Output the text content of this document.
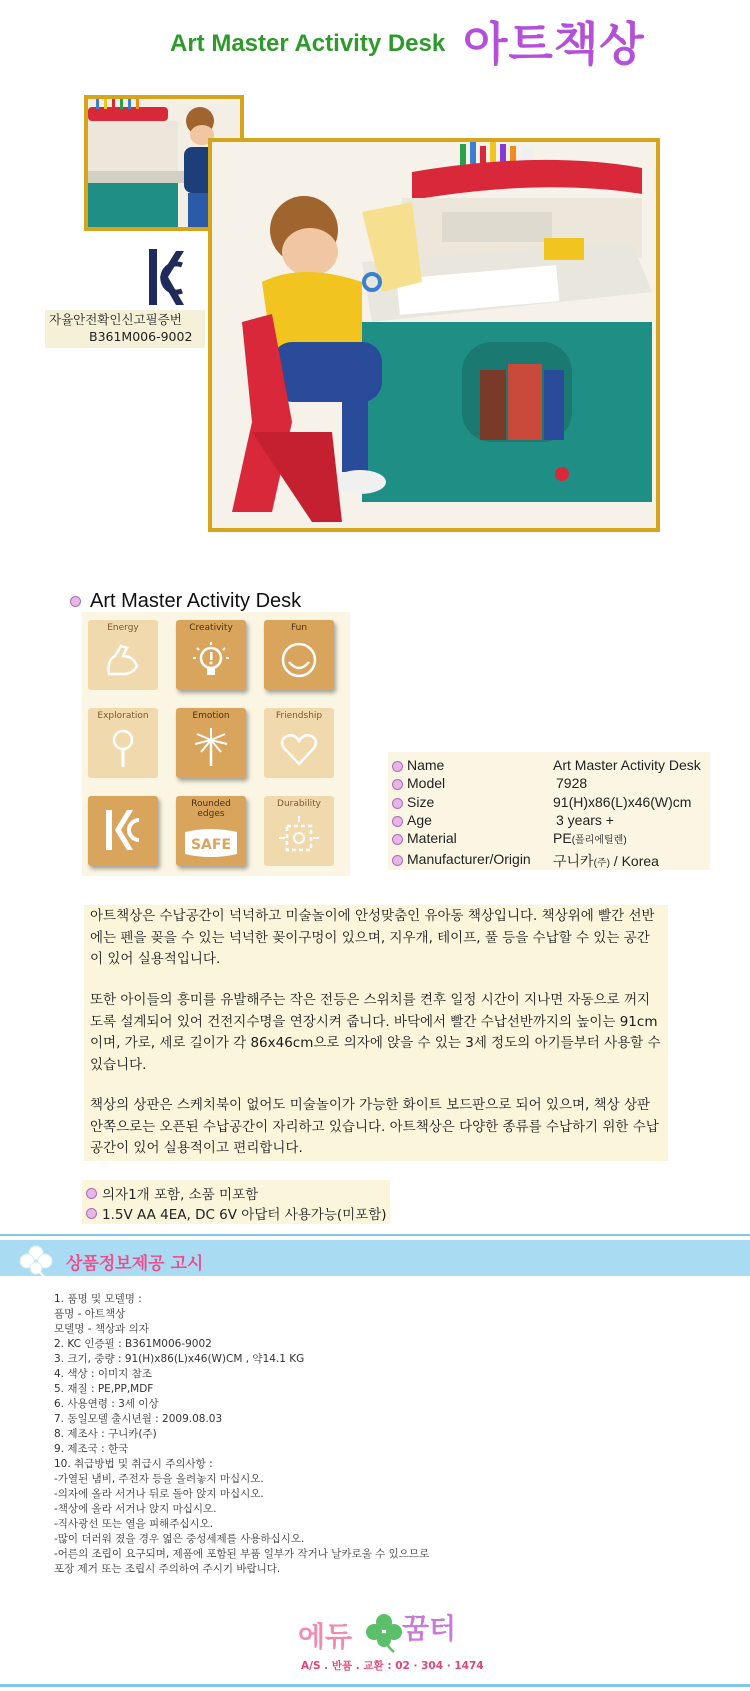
Art Master Activity Desk 아트책상
자율안전확인신고필증번
B361M006-9002
Art Master Activity Desk
Energy	Creativity	Fun
Exploration	Emotion	Friendship
Rounded edges
SAFE
Durability
Name	Art Master Activity Desk
Model	7928
Size	91(H)x86(L)x46(W)cm
Age	3 years +
Material	PE(폴리에틸렌)
Manufacturer/Origin 구니카(주) / Korea
아트책상은 수납공간이 넉넉하고 미술놀이에 안성맞춤인 유아동 책상입니다. 책상위에 빨간 선반에는 펜을 꽂을 수 있는 넉넉한 꽂이구멍이 있으며, 지우개, 테이프, 풀 등을 수납할 수 있는 공간이 있어 실용적입니다.
또한 아이들의 흥미를 유발해주는 작은 전등은 스위치를 켠후 일정 시간이 지나면 자동으로 꺼지도록 설계되어 있어 건전지수명을 연장시켜 줍니다. 바닥에서 빨간 수납선반까지의 높이는 91cm이며, 가로, 세로 길이가 각 86x46cm으로 의자에 앉을 수 있는 3세 정도의 아기들부터 사용할 수 있습니다.
책상의 상판은 스케치북이 없어도 미술놀이가 가능한 화이트 보드판으로 되어 있으며, 책상 상판 안쪽으로는 오픈된 수납공간이 자리하고 있습니다. 아트책상은 다양한 종류를 수납하기 위한 수납공간이 있어 실용적이고 편리합니다.
의자1개 포함, 소품 미포함
1.5V AA 4EA, DC 6V 아답터 사용가능(미포함)
상품정보제공 고시
1. 품명 및 모델명 :
품명 - 아트책상
모델명 - 책상과 의자
2. KC 인증필 : B361M006-9002
3. 크기, 중량 : 91(H)x86(L)x46(W)CM , 약14.1 KG
4. 색상 : 이미지 참조
5. 재질 : PE,PP,MDF
6. 사용연령 : 3세 이상
7. 동일모델 출시년월 : 2009.08.03
8. 제조사 : 구니카(주)
9. 제조국 : 한국
10. 취급방법 및 취급시 주의사항 :
-가열된 냄비, 주전자 등을 올려놓지 마십시오.
-의자에 올라 서거나 뒤로 돌아 앉지 마십시오.
-책상에 올라 서거나 앉지 마십시오.
-직사광선 또는 열을 피해주십시오.
-많이 더러워 졌을 경우 엷은 중성세제를 사용하십시오.
-어른의 조립이 요구되며, 제품에 포함된 부품 일부가 작거나 날카로울 수 있으므로
포장 제거 또는 조립시 주의하여 주시기 바랍니다.
에듀 꿈터
A/S . 반품 . 교환 : 02 · 304 · 1474
